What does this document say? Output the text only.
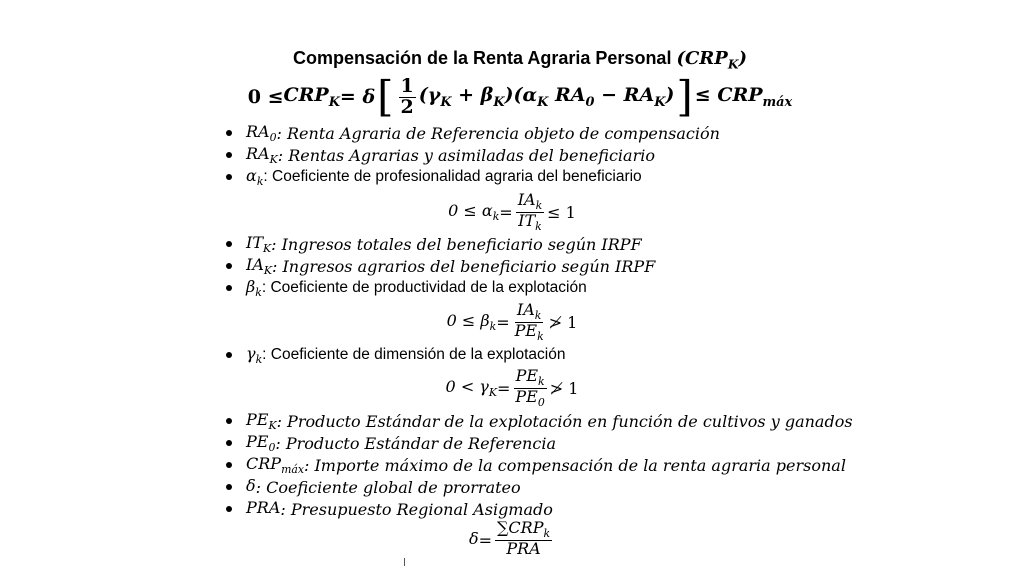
Compensación de la Renta Agraria Personal $(CRP_K)$
$0 \le CRP_K = \delta$ [ $\frac{1}{2} (\gamma_K + \beta_K)(\alpha_K$ $RA_0 - RA_K$) ] ≤ $CRP_{máx}$
$RA_0$ : Renta Agraria de Referencia objeto de compensación
$RA_K$ : Rentas Agrarias y asimiladas del beneficiario
$\alpha_k$ : Coeficiente de profesionalidad agraria del beneficiario
$0 \le \alpha_k = \frac{IA_k}{IT_k} \le 1$
$IT_K$ : Ingresos totales del beneficiario según IRPF
$IA_K$ : Ingresos agrarios del beneficiario según IRPF
$\beta_k$ : Coeficiente de productividad de la explotación
$0 \le \beta_k = \frac{IA_k}{PE_k}$ ≯ 1
$\gamma_k$ : Coeficiente de dimensión de la explotación
$0 < \gamma_K = \frac{PE_k}{PE_0}$ ≯ 1
$PE_K$ : Producto Estándar de la explotación en función de cultivos y ganados
$PE_0$ : Producto Estándar de Referencia
$CRP_{máx}$ : Importe máximo de la compensación de la renta agraria personal
δ : Coeficiente global de prorrateo
PRA : Presupuesto Regional Asigmado
$\delta = \frac{\sum CRP_k}{\text{PRA}}$
